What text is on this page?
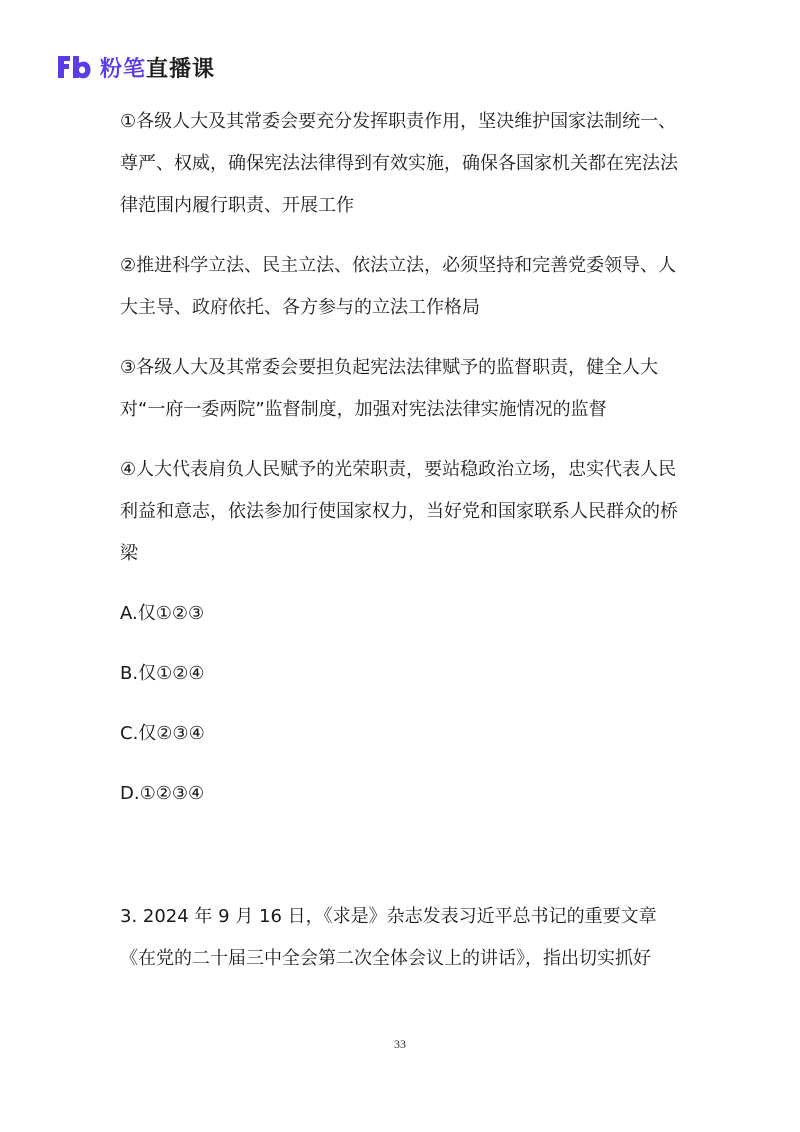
粉笔 直播课

①各级人大及其常委会要充分发挥职责作用，坚决维护国家法制统一、尊严、权威，确保宪法法律得到有效实施，确保各国家机关都在宪法法律范围内履行职责、开展工作

②推进科学立法、民主立法、依法立法，必须坚持和完善党委领导、人大主导、政府依托、各方参与的立法工作格局

③各级人大及其常委会要担负起宪法法律赋予的监督职责，健全人大对“一府一委两院”监督制度，加强对宪法法律实施情况的监督

④人大代表肩负人民赋予的光荣职责，要站稳政治立场，忠实代表人民利益和意志，依法参加行使国家权力，当好党和国家联系人民群众的桥梁

A.仅①②③

B.仅①②④

C.仅②③④

D.①②③④

3. 2024 年 9 月 16 日，《求是》杂志发表习近平总书记的重要文章《在党的二十届三中全会第二次全体会议上的讲话》，指出切实抓好

33
